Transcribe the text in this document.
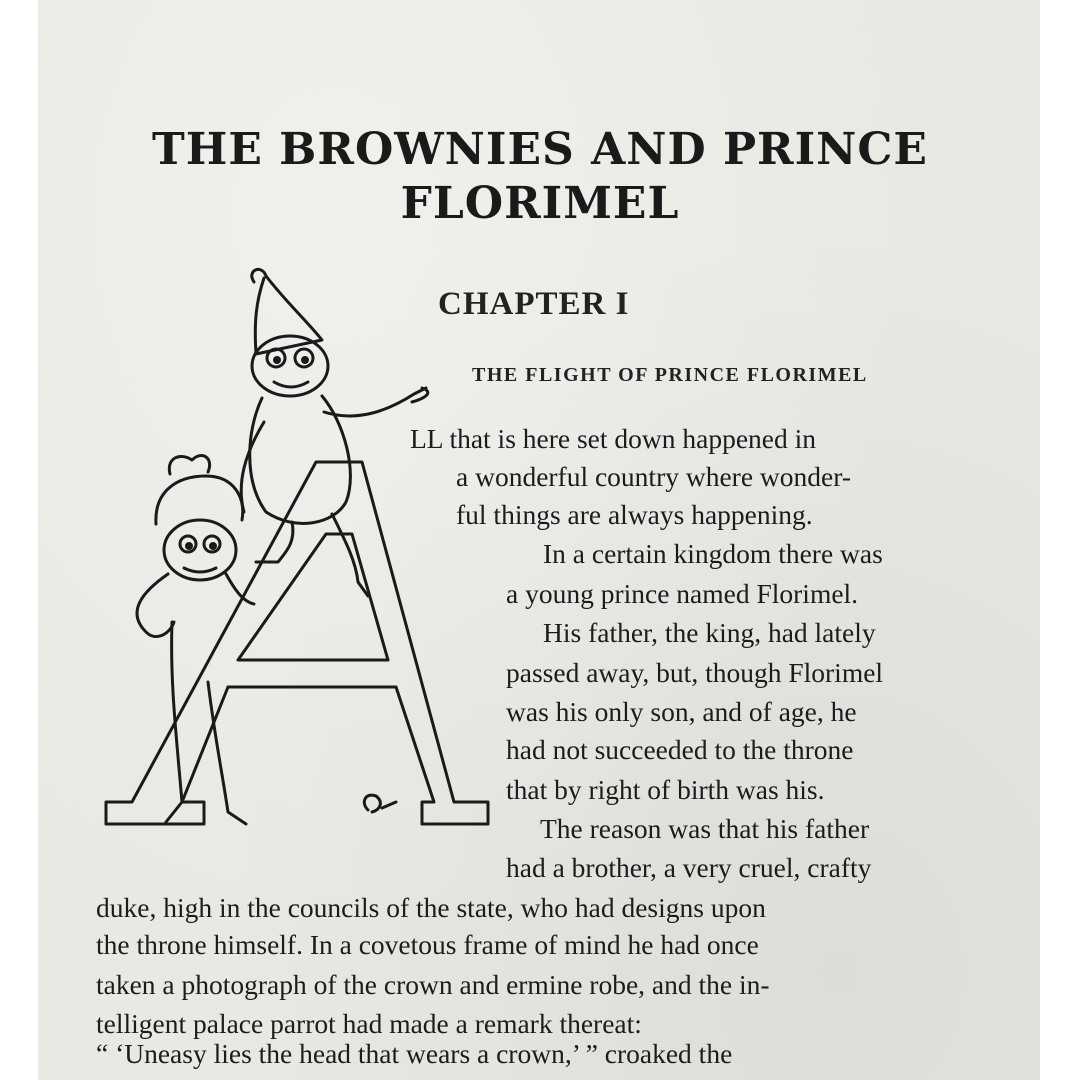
THE BROWNIES AND PRINCE
FLORIMEL
CHAPTER I
THE FLIGHT OF PRINCE FLORIMEL
LL that is here set down happened in
a wonderful country where wonder-
ful things are always happening.
In a certain kingdom there was
a young prince named Florimel.
His father, the king, had lately
passed away, but, though Florimel
was his only son, and of age, he
had not succeeded to the throne
that by right of birth was his.
The reason was that his father
had a brother, a very cruel, crafty
duke, high in the councils of the state, who had designs upon
the throne himself. In a covetous frame of mind he had once
taken a photograph of the crown and ermine robe, and the in-
telligent palace parrot had made a remark thereat:
“ ‘Uneasy lies the head that wears a crown,’ ” croaked the
